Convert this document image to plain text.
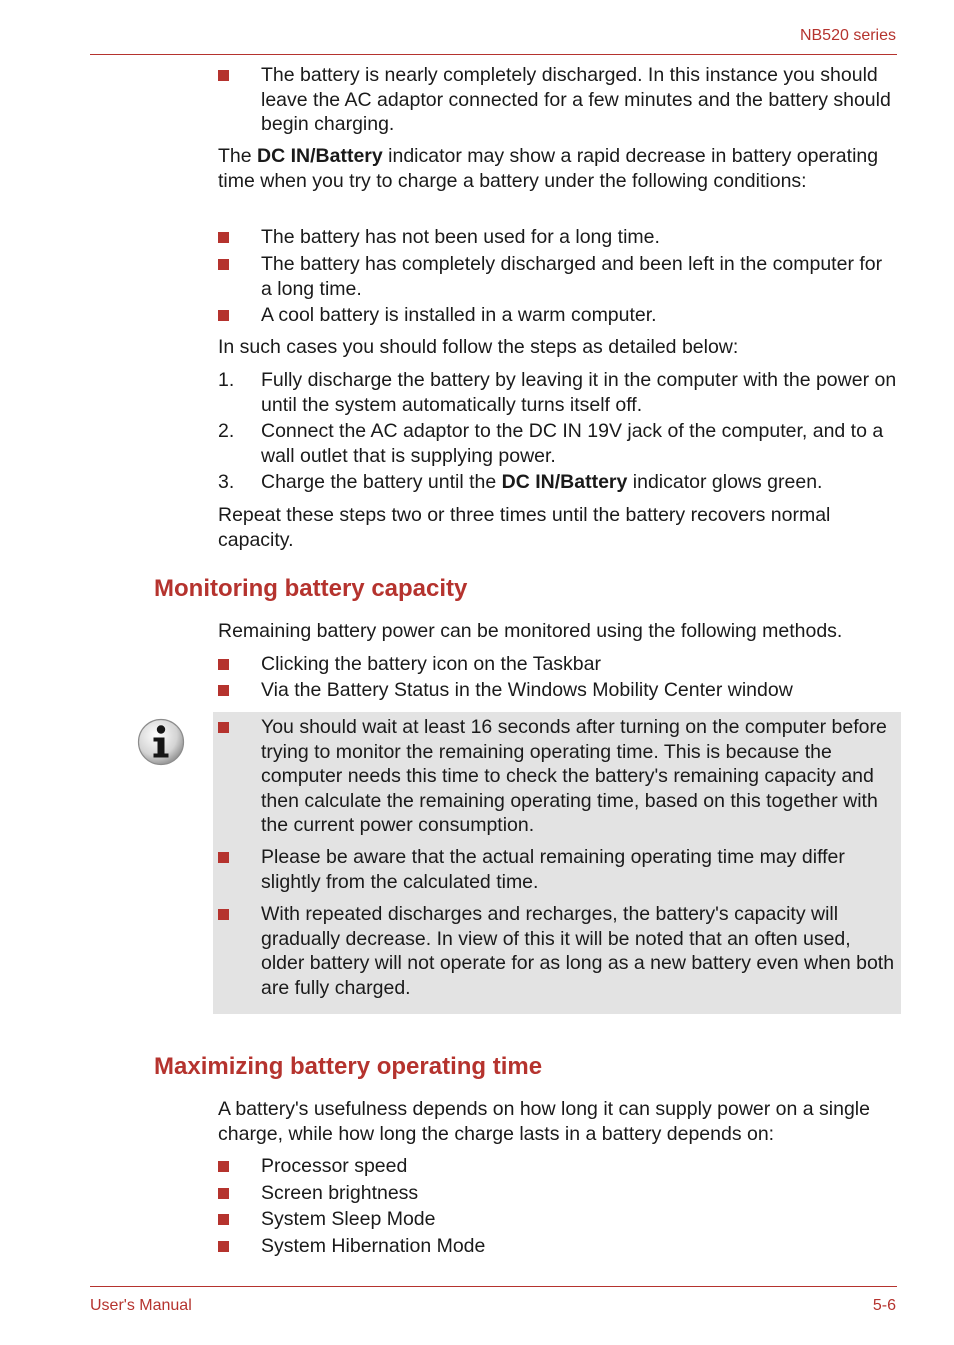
NB520 series
The battery is nearly completely discharged. In this instance you should leave the AC adaptor connected for a few minutes and the battery should begin charging.
The DC IN/Battery indicator may show a rapid decrease in battery operating time when you try to charge a battery under the following conditions:
The battery has not been used for a long time.
The battery has completely discharged and been left in the computer for a long time.
A cool battery is installed in a warm computer.
In such cases you should follow the steps as detailed below:
1. Fully discharge the battery by leaving it in the computer with the power on until the system automatically turns itself off.
2. Connect the AC adaptor to the DC IN 19V jack of the computer, and to a wall outlet that is supplying power.
3. Charge the battery until the DC IN/Battery indicator glows green.
Repeat these steps two or three times until the battery recovers normal capacity.
Monitoring battery capacity
Remaining battery power can be monitored using the following methods.
Clicking the battery icon on the Taskbar
Via the Battery Status in the Windows Mobility Center window
You should wait at least 16 seconds after turning on the computer before trying to monitor the remaining operating time. This is because the computer needs this time to check the battery's remaining capacity and then calculate the remaining operating time, based on this together with the current power consumption.
Please be aware that the actual remaining operating time may differ slightly from the calculated time.
With repeated discharges and recharges, the battery's capacity will gradually decrease. In view of this it will be noted that an often used, older battery will not operate for as long as a new battery even when both are fully charged.
Maximizing battery operating time
A battery's usefulness depends on how long it can supply power on a single charge, while how long the charge lasts in a battery depends on:
Processor speed
Screen brightness
System Sleep Mode
System Hibernation Mode
User's Manual	5-6
